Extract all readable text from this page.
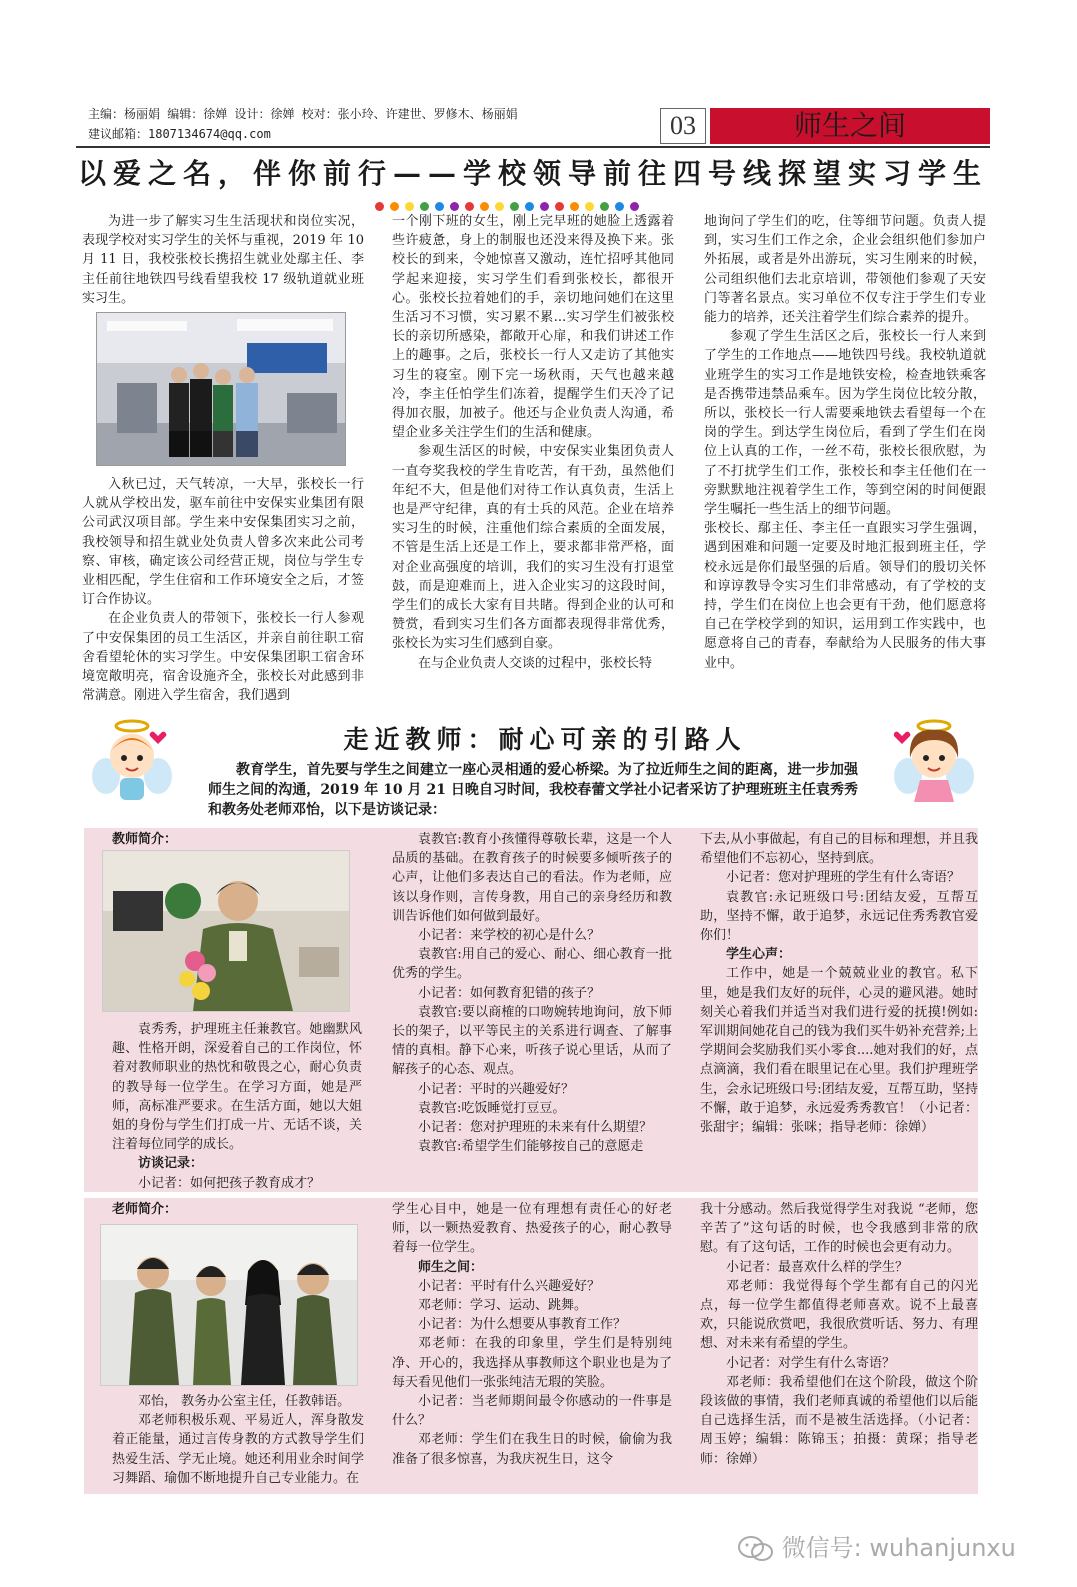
主编：杨丽娟 编辑：徐婵 设计：徐婵 校对：张小玲、许建世、罗修木、杨丽娟
建议邮箱：1807134674@qq.com	03	师生之间
以爱之名，伴你前行——学校领导前往四号线探望实习学生

为进一步了解实习生生活现状和岗位实况，表现学校对实习学生的关怀与重视，2019 年 10 月 11 日，我校张校长携招生就业处鄢主任、李主任前往地铁四号线看望我校 17 级轨道就业班实习生。

入秋已过，天气转凉，一大早，张校长一行人就从学校出发，驱车前往中安保实业集团有限公司武汉项目部。学生来中安保集团实习之前，我校领导和招生就业处负责人曾多次来此公司考察、审核，确定该公司经营正规，岗位与学生专业相匹配，学生住宿和工作环境安全之后，才签订合作协议。

在企业负责人的带领下，张校长一行人参观了中安保集团的员工生活区，并亲自前往职工宿舍看望轮休的实习学生。中安保集团职工宿舍环境宽敞明亮，宿舍设施齐全，张校长对此感到非常满意。刚进入学生宿舍，我们遇到

一个刚下班的女生，刚上完早班的她脸上透露着些许疲惫，身上的制服也还没来得及换下来。张校长的到来，令她惊喜又激动，连忙招呼其他同学起来迎接，实习学生们看到张校长，都很开心。张校长拉着她们的手，亲切地问她们在这里生活习不习惯，实习累不累...实习学生们被张校长的亲切所感染，都敞开心扉，和我们讲述工作上的趣事。之后，张校长一行人又走访了其他实习生的寝室。刚下完一场秋雨，天气也越来越冷，李主任怕学生们冻着，提醒学生们天冷了记得加衣服，加被子。他还与企业负责人沟通，希望企业多关注学生们的生活和健康。

参观生活区的时候，中安保实业集团负责人一直夸奖我校的学生肯吃苦，有干劲，虽然他们年纪不大，但是他们对待工作认真负责，生活上也是严守纪律，真的有士兵的风范。企业在培养实习生的时候，注重他们综合素质的全面发展，不管是生活上还是工作上，要求都非常严格，面对企业高强度的培训，我们的实习生没有打退堂鼓，而是迎难而上，进入企业实习的这段时间，学生们的成长大家有目共睹。得到企业的认可和赞赏，看到实习生们各方面都表现得非常优秀，张校长为实习生们感到自豪。

在与企业负责人交谈的过程中，张校长特

地询问了学生们的吃，住等细节问题。负责人提到，实习生们工作之余，企业会组织他们参加户外拓展，或者是外出游玩，实习生刚来的时候，公司组织他们去北京培训，带领他们参观了天安门等著名景点。实习单位不仅专注于学生们专业能力的培养，还关注着学生们综合素养的提升。

参观了学生生活区之后，张校长一行人来到了学生的工作地点——地铁四号线。我校轨道就业班学生的实习工作是地铁安检，检查地铁乘客是否携带违禁品乘车。因为学生岗位比较分散，所以，张校长一行人需要乘地铁去看望每一个在岗的学生。到达学生岗位后，看到了学生们在岗位上认真的工作，一丝不苟，张校长很欣慰，为了不打扰学生们工作，张校长和李主任他们在一旁默默地注视着学生工作，等到空闲的时间便跟学生嘱托一些生活上的细节问题。

张校长、鄢主任、李主任一直跟实习学生强调，遇到困难和问题一定要及时地汇报到班主任，学校永远是你们最坚强的后盾。领导们的殷切关怀和谆谆教导令实习生们非常感动，有了学校的支持，学生们在岗位上也会更有干劲，他们愿意将自己在学校学到的知识，运用到工作实践中，也愿意将自己的青春，奉献给为人民服务的伟大事业中。

走近教师：耐心可亲的引路人

教育学生，首先要与学生之间建立一座心灵相通的爱心桥梁。为了拉近师生之间的距离，进一步加强师生之间的沟通，2019 年 10 月 21 日晚自习时间，我校春蕾文学社小记者采访了护理班班主任袁秀秀和教务处老师邓怡，以下是访谈记录：

教师简介：

袁秀秀，护理班主任兼教官。她幽默风趣、性格开朗，深爱着自己的工作岗位，怀着对教师职业的热忱和敬畏之心，耐心负责的教导每一位学生。在学习方面，她是严师，高标准严要求。在生活方面，她以大姐姐的身份与学生们打成一片、无话不谈，关注着每位同学的成长。

访谈记录：

小记者：如何把孩子教育成才？

袁教官:教育小孩懂得尊敬长辈，这是一个人品质的基础。在教育孩子的时候要多倾听孩子的心声，让他们多表达自己的看法。作为老师，应该以身作则，言传身教，用自己的亲身经历和教训告诉他们如何做到最好。

小记者：来学校的初心是什么？

袁教官:用自己的爱心、耐心、细心教育一批优秀的学生。

小记者：如何教育犯错的孩子？

袁教官:要以商榷的口吻婉转地询问，放下师长的架子，以平等民主的关系进行调查、了解事情的真相。静下心来，听孩子说心里话，从而了解孩子的心态、观点。

小记者：平时的兴趣爱好？

袁教官:吃饭睡觉打豆豆。

小记者：您对护理班的未来有什么期望？

袁教官:希望学生们能够按自己的意愿走

下去,从小事做起，有自己的目标和理想，并且我希望他们不忘初心，坚持到底。

小记者：您对护理班的学生有什么寄语？

袁教官:永记班级口号:团结友爱，互帮互助，坚持不懈，敢于追梦，永远记住秀秀教官爱你们！

学生心声：

工作中，她是一个兢兢业业的教官。私下里，她是我们友好的玩伴，心灵的避风港。她时刻关心着我们并适当对我们进行爱的抚摸!例如:军训期间她花自己的钱为我们买牛奶补充营养;上学期间会奖励我们买小零食....她对我们的好，点点滴滴，我们看在眼里记在心里。我们护理班学生，会永记班级口号:团结友爱，互帮互助，坚持不懈，敢于追梦，永远爱秀秀教官！（小记者：张甜宇；编辑：张咪；指导老师：徐婵）

老师简介：

邓怡， 教务办公室主任，任教韩语。

邓老师积极乐观、平易近人，浑身散发着正能量，通过言传身教的方式教导学生们热爱生活、学无止境。她还利用业余时间学习舞蹈、瑜伽不断地提升自己专业能力。在

学生心目中，她是一位有理想有责任心的好老师，以一颗热爱教育、热爱孩子的心，耐心教导着每一位学生。

师生之间：

小记者：平时有什么兴趣爱好？

邓老师：学习、运动、跳舞。

小记者：为什么想要从事教育工作？

邓老师：在我的印象里，学生们是特别纯净、开心的，我选择从事教师这个职业也是为了每天看见他们一张张纯洁无瑕的笑脸。

小记者：当老师期间最令你感动的一件事是什么？

邓老师：学生们在我生日的时候，偷偷为我准备了很多惊喜，为我庆祝生日，这令

我十分感动。然后我觉得学生对我说 “老师，您辛苦了”这句话的时候，也令我感到非常的欣慰。有了这句话，工作的时候也会更有动力。

小记者：最喜欢什么样的学生？

邓老师：我觉得每个学生都有自己的闪光点，每一位学生都值得老师喜欢。说不上最喜欢，只能说欣赏吧，我很欣赏听话、努力、有理想、对未来有希望的学生。

小记者：对学生有什么寄语？

邓老师：我希望他们在这个阶段，做这个阶段该做的事情，我们老师真诚的希望他们以后能自己选择生活，而不是被生活选择。（小记者：周玉婷；编辑：陈锦玉；拍摄：黄琛；指导老师：徐婵）

微信号: wuhanjunxu
